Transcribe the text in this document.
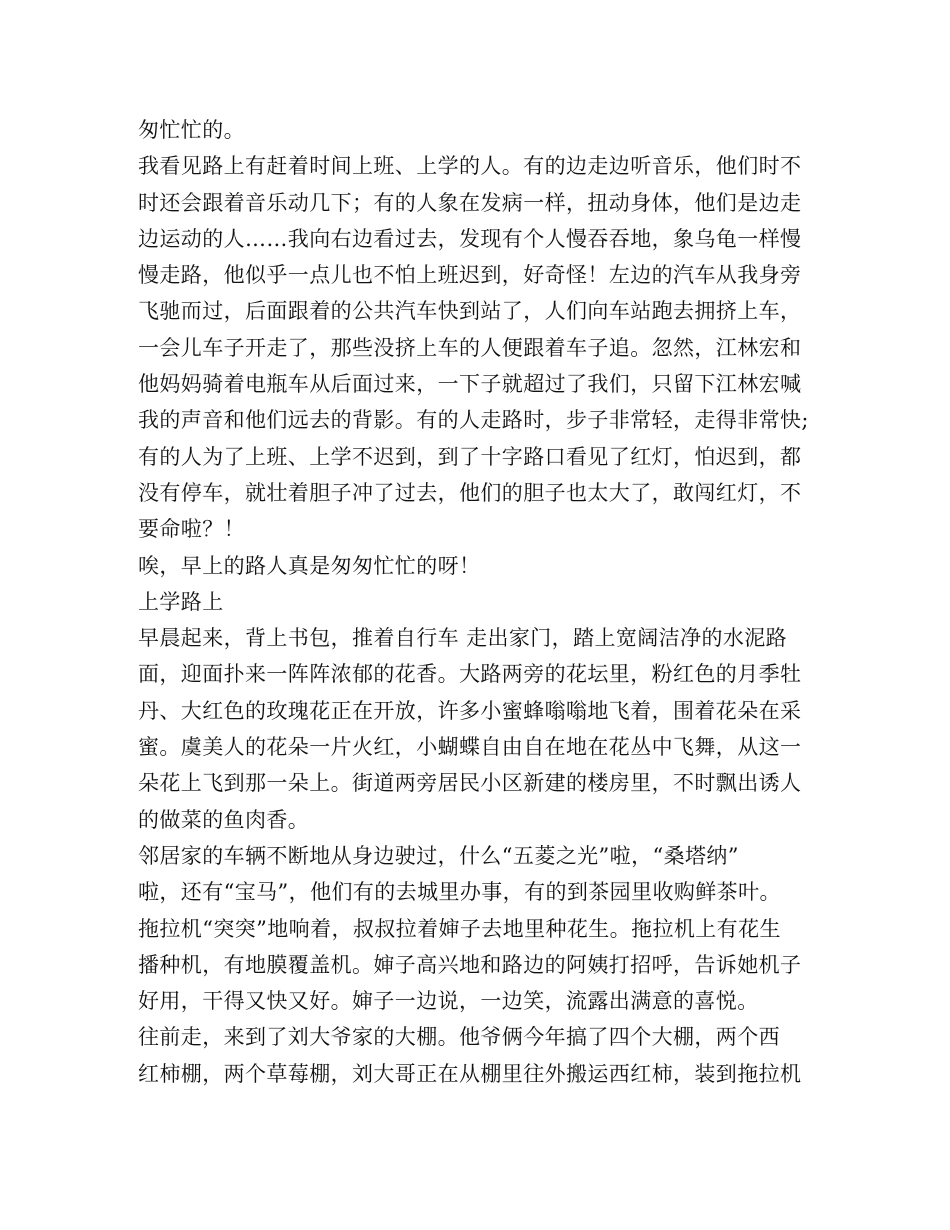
匆忙忙的。
我看见路上有赶着时间上班、上学的人。有的边走边听音乐，他们时不
时还会跟着音乐动几下；有的人象在发病一样，扭动身体，他们是边走
边运动的人……我向右边看过去，发现有个人慢吞吞地，象乌龟一样慢
慢走路，他似乎一点儿也不怕上班迟到，好奇怪！左边的汽车从我身旁
飞驰而过，后面跟着的公共汽车快到站了，人们向车站跑去拥挤上车，
一会儿车子开走了，那些没挤上车的人便跟着车子追。忽然，江林宏和
他妈妈骑着电瓶车从后面过来，一下子就超过了我们，只留下江林宏喊
我的声音和他们远去的背影。有的人走路时，步子非常轻，走得非常快;
有的人为了上班、上学不迟到，到了十字路口看见了红灯，怕迟到，都
没有停车，就壮着胆子冲了过去，他们的胆子也太大了，敢闯红灯，不
要命啦？！
唉，早上的路人真是匆匆忙忙的呀！
上学路上
早晨起来，背上书包，推着自行车 走出家门，踏上宽阔洁净的水泥路
面，迎面扑来一阵阵浓郁的花香。大路两旁的花坛里，粉红色的月季牡
丹、大红色的玫瑰花正在开放，许多小蜜蜂嗡嗡地飞着，围着花朵在采
蜜。虞美人的花朵一片火红，小蝴蝶自由自在地在花丛中飞舞，从这一
朵花上飞到那一朵上。街道两旁居民小区新建的楼房里，不时飘出诱人
的做菜的鱼肉香。
邻居家的车辆不断地从身边驶过，什么“五菱之光”啦，“桑塔纳”
啦，还有“宝马”，他们有的去城里办事，有的到茶园里收购鲜茶叶。
拖拉机“突突”地响着，叔叔拉着婶子去地里种花生。拖拉机上有花生
播种机，有地膜覆盖机。婶子高兴地和路边的阿姨打招呼，告诉她机子
好用，干得又快又好。婶子一边说，一边笑，流露出满意的喜悦。
往前走，来到了刘大爷家的大棚。他爷俩今年搞了四个大棚，两个西
红柿棚，两个草莓棚，刘大哥正在从棚里往外搬运西红柿，装到拖拉机
